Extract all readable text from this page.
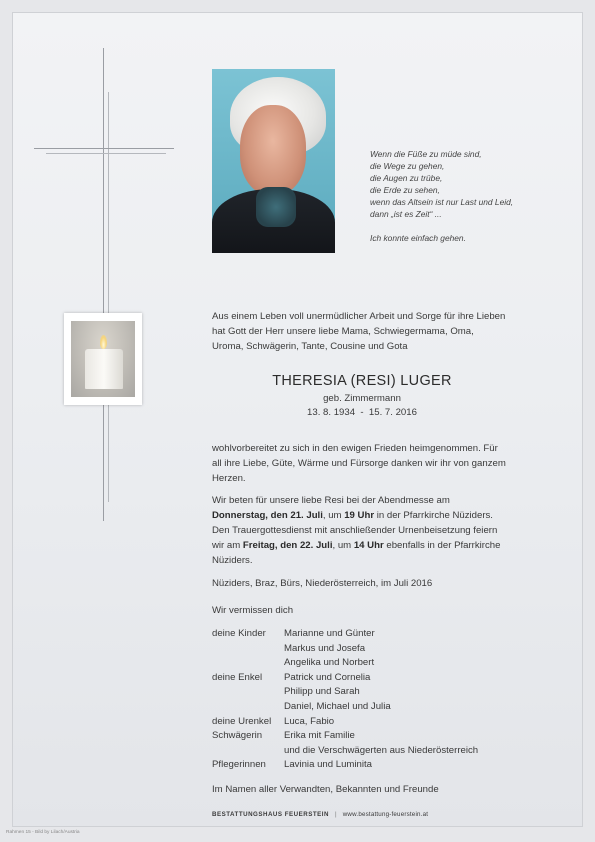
Wenn die Füße zu müde sind,
die Wege zu gehen,
die Augen zu trübe,
die Erde zu sehen,
wenn das Altsein ist nur Last und Leid,
dann „ist es Zeit“ ...
Ich konnte einfach gehen.
Aus einem Leben voll unermüdlicher Arbeit und Sorge für ihre Lieben
hat Gott der Herr unsere liebe Mama, Schwiegermama, Oma,
Uroma, Schwägerin, Tante, Cousine und Gota
THERESIA (RESI) LUGER
geb. Zimmermann
13. 8. 1934  -  15. 7. 2016
wohlvorbereitet zu sich in den ewigen Frieden heimgenommen. Für
all ihre Liebe, Güte, Wärme und Fürsorge danken wir ihr von ganzem
Herzen.
Wir beten für unsere liebe Resi bei der Abendmesse am
Donnerstag, den 21. Juli, um 19 Uhr in der Pfarrkirche Nüziders.
Den Trauergottesdienst mit anschließender Urnenbeisetzung feiern
wir am Freitag, den 22. Juli, um 14 Uhr ebenfalls in der Pfarrkirche
Nüziders.
Nüziders, Braz, Bürs, Niederösterreich, im Juli 2016
Wir vermissen dich
deine Kinder	Marianne und Günter
Markus und Josefa
Angelika und Norbert
deine Enkel	Patrick und Cornelia
Philipp und Sarah
Daniel, Michael und Julia
deine Urenkel	Luca, Fabio
Schwägerin	Erika mit Familie
und die Verschwägerten aus Niederösterreich
Pflegerinnen	Lavinia und Luminita
Im Namen aller Verwandten, Bekannten und Freunde
BESTATTUNGSHAUS FEUERSTEIN | www.bestattung-feuerstein.at
Rahmen 15 - Bild by Lilach/Austria
